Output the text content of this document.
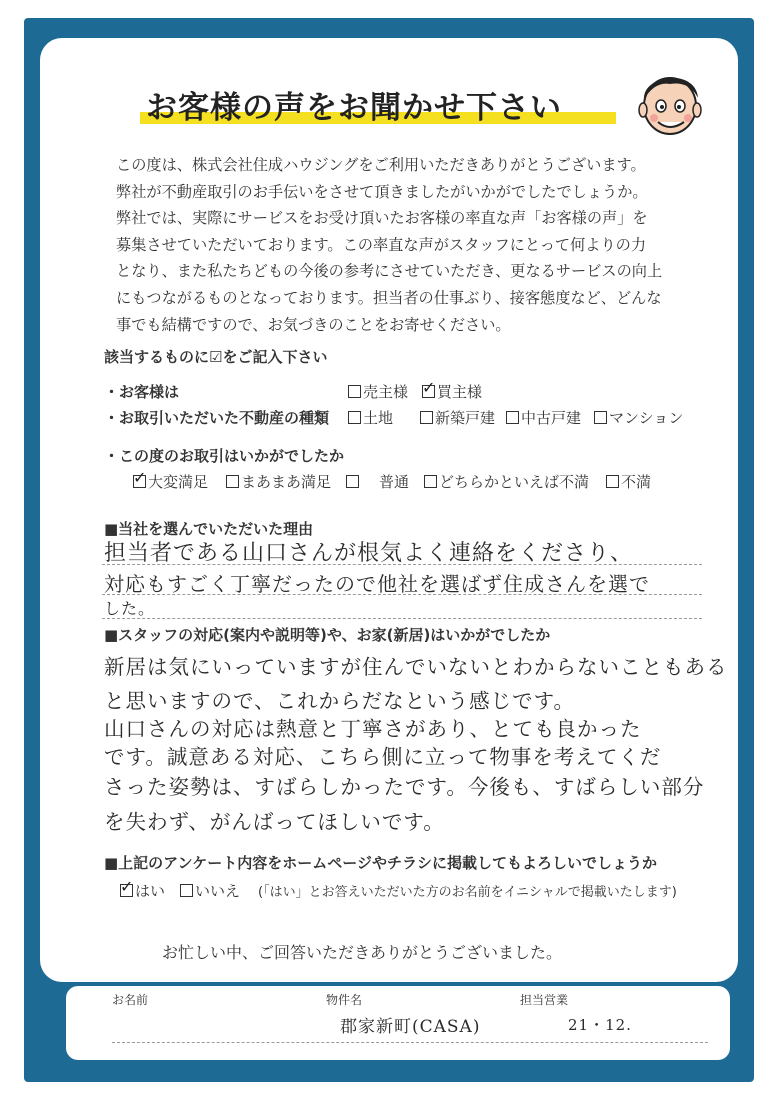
お客様の声をお聞かせ下さい
この度は、株式会社住成ハウジングをご利用いただきありがとうございます。
弊社が不動産取引のお手伝いをさせて頂きましたがいかがでしたでしょうか。
弊社では、実際にサービスをお受け頂いたお客様の率直な声「お客様の声」を
募集させていただいております。この率直な声がスタッフにとって何よりの力
となり、また私たちどもの今後の参考にさせていただき、更なるサービスの向上
にもつながるものとなっております。担当者の仕事ぶり、接客態度など、どんな
事でも結構ですので、お気づきのことをお寄せください。
該当するものに☑をご記入下さい
・お客様は	売主様
✓	買主様
・お取引いただいた不動産の種類	土地	新築戸建	中古戸建	マンション
・この度のお取引はいかがでしたか
✓大変満足	まあまあ満足	普通	どちらかといえば不満	不満
■当社を選んでいただいた理由
担当者である山口さんが根気よく連絡をくださり、
対応もすごく丁寧だったので他社を選ばず住成さんを選で
した。
■スタッフの対応(案内や説明等)や、お家(新居)はいかがでしたか
新居は気にいっていますが住んでいないとわからないこともある
と思いますので、これからだなという感じです。
山口さんの対応は熱意と丁寧さがあり、とても良かった
です。誠意ある対応、こちら側に立って物事を考えてくだ
さった姿勢は、すばらしかったです。今後も、すばらしい部分
を失わず、がんばってほしいです。
■上記のアンケート内容をホームページやチラシに掲載してもよろしいでしょうか
✓はい	いいえ (「はい」とお答えいただいた方のお名前をイニシャルで掲載いたします)
お忙しい中、ご回答いただきありがとうございました。
お名前	物件名	担当営業
郡家新町(CASA)	21・12.
